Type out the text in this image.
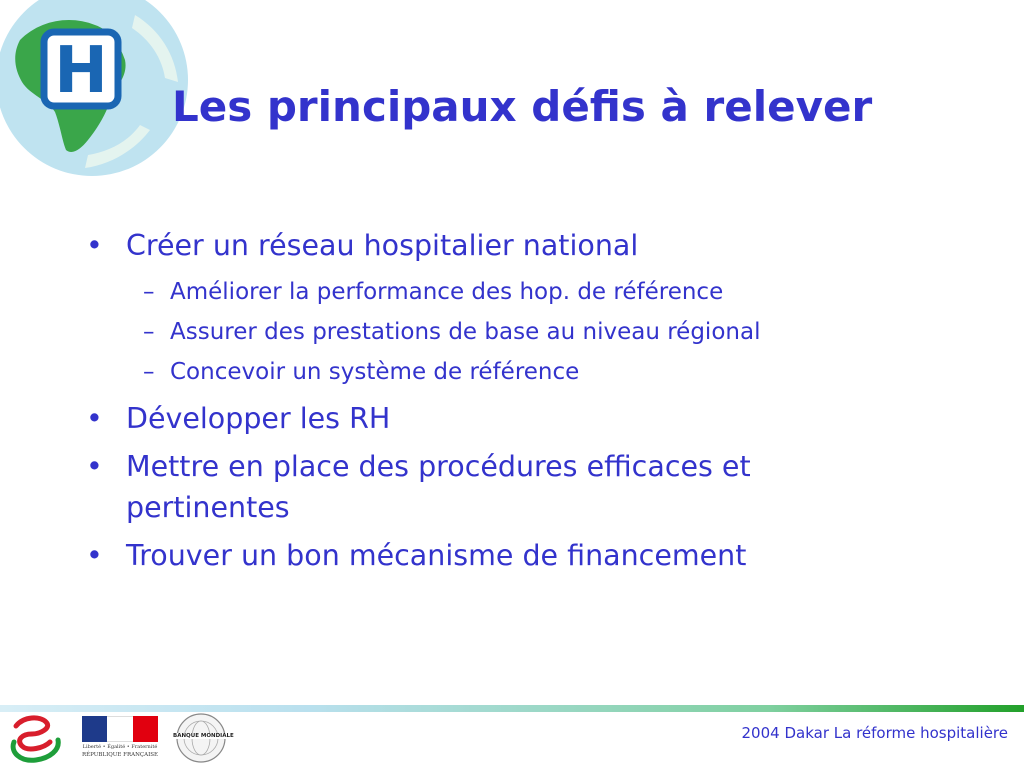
H Les principaux défis à relever
• Créer un réseau hospitalier national
– Améliorer la performance des hop. de référence
– Assurer des prestations de base au niveau régional
– Concevoir un système de référence
• Développer les RH
• Mettre en place des procédures efficaces et
pertinentes
• Trouver un bon mécanisme de financement
Liberté • Égalité • Fraternité
RÉPUBLIQUE FRANÇAISE
BANQUE MONDIALE	2004 Dakar La réforme hospitalière
